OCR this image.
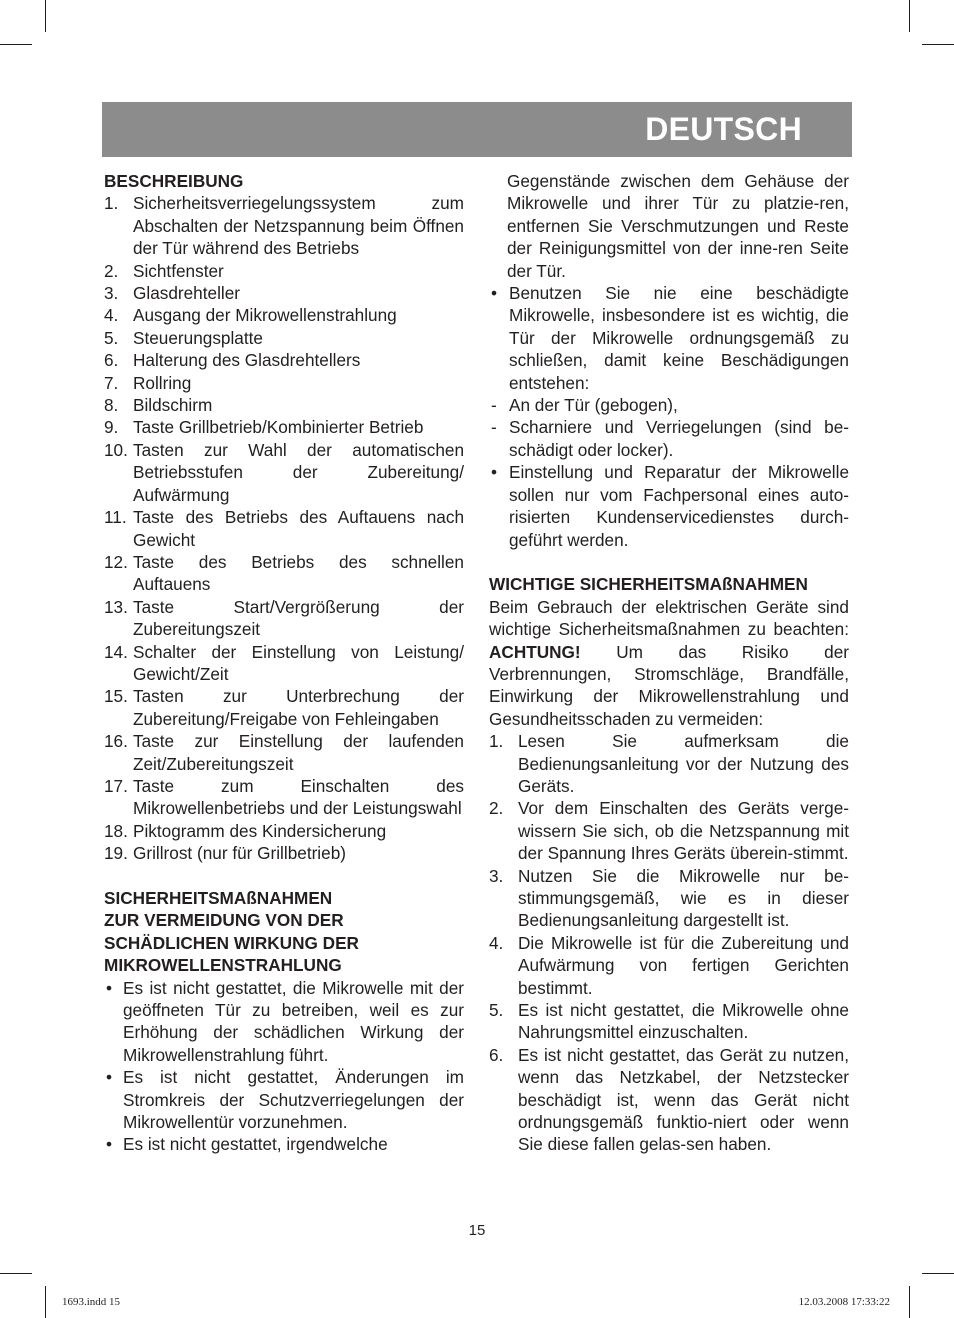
DEUTSCH
BESCHREIBUNG
1. Sicherheitsverriegelungssystem zum Abschalten der Netzspannung beim Öffnen der Tür während des Betriebs
2. Sichtfenster
3. Glasdrehteller
4. Ausgang der Mikrowellenstrahlung
5. Steuerungsplatte
6. Halterung des Glasdrehtellers
7. Rollring
8. Bildschirm
9. Taste Grillbetrieb/Kombinierter Betrieb
10. Tasten zur Wahl der automatischen Betriebsstufen der Zubereitung/ Aufwärmung
11. Taste des Betriebs des Auftauens nach Gewicht
12. Taste des Betriebs des schnellen Auftauens
13. Taste Start/Vergrößerung der Zubereitungszeit
14. Schalter der Einstellung von Leistung/ Gewicht/Zeit
15. Tasten zur Unterbrechung der Zubereitung/Freigabe von Fehleingaben
16. Taste zur Einstellung der laufenden Zeit/Zubereitungszeit
17. Taste zum Einschalten des Mikrowellenbetriebs und der Leistungswahl
18. Piktogramm des Kindersicherung
19. Grillrost (nur für Grillbetrieb)
SICHERHEITSMAßNAHMEN
ZUR VERMEIDUNG VON DER
SCHÄDLICHEN WIRKUNG DER
MIKROWELLENSTRAHLUNG
• Es ist nicht gestattet, die Mikrowelle mit der geöffneten Tür zu betreiben, weil es zur Erhöhung der schädlichen Wirkung der Mikrowellenstrahlung führt.
• Es ist nicht gestattet, Änderungen im Stromkreis der Schutzverriegelungen der Mikrowellentür vorzunehmen.
• Es ist nicht gestattet, irgendwelche
Gegenstände zwischen dem Gehäuse der Mikrowelle und ihrer Tür zu platzie-ren, entfernen Sie Verschmutzungen und Reste der Reinigungsmittel von der inne-ren Seite der Tür.
• Benutzen Sie nie eine beschädigte Mikrowelle, insbesondere ist es wichtig, die Tür der Mikrowelle ordnungsgemäß zu schließen, damit keine Beschädigungen entstehen:
- An der Tür (gebogen),
- Scharniere und Verriegelungen (sind be-schädigt oder locker).
• Einstellung und Reparatur der Mikrowelle sollen nur vom Fachpersonal eines auto-risierten Kundenservicedienstes durch-geführt werden.
WICHTIGE SICHERHEITSMAßNAHMEN
Beim Gebrauch der elektrischen Geräte sind wichtige Sicherheitsmaßnahmen zu beachten: ACHTUNG! Um das Risiko der Verbrennungen, Stromschläge, Brandfälle, Einwirkung der Mikrowellenstrahlung und Gesundheitsschaden zu vermeiden:
1. Lesen Sie aufmerksam die Bedienungsanleitung vor der Nutzung des Geräts.
2. Vor dem Einschalten des Geräts verge-wissern Sie sich, ob die Netzspannung mit der Spannung Ihres Geräts überein-stimmt.
3. Nutzen Sie die Mikrowelle nur be-stimmungsgemäß, wie es in dieser Bedienungsanleitung dargestellt ist.
4. Die Mikrowelle ist für die Zubereitung und Aufwärmung von fertigen Gerichten bestimmt.
5. Es ist nicht gestattet, die Mikrowelle ohne Nahrungsmittel einzuschalten.
6. Es ist nicht gestattet, das Gerät zu nutzen, wenn das Netzkabel, der Netzstecker beschädigt ist, wenn das Gerät nicht ordnungsgemäß funktio-niert oder wenn Sie diese fallen gelas-sen haben.
15
1693.indd 15	12.03.2008 17:33:22
